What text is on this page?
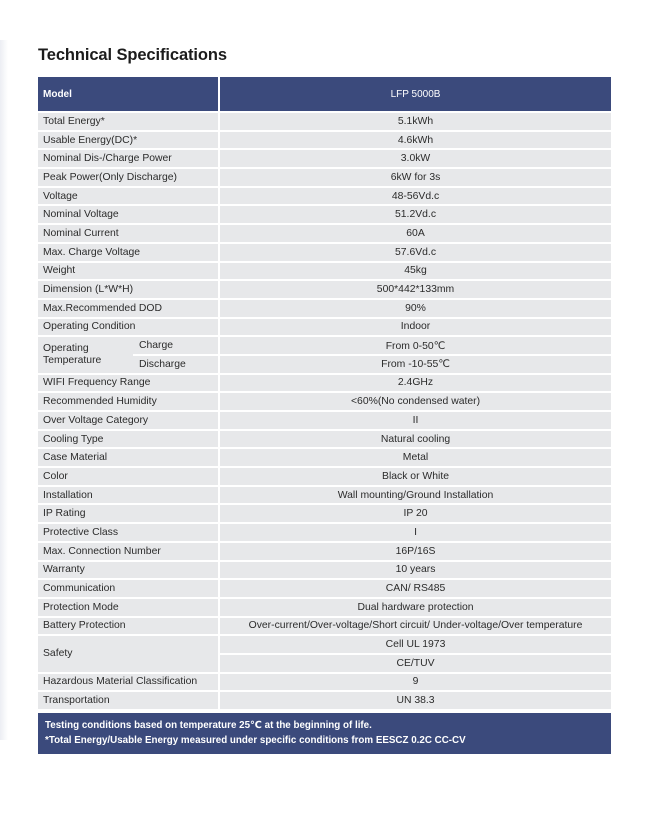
Technical Specifications
Model		LFP 5000B
Total Energy*		5.1kWh
Usable Energy(DC)*		4.6kWh
Nominal Dis-/Charge Power		3.0kW
Peak Power(Only Discharge)		6kW for 3s
Voltage		48-56Vd.c
Nominal Voltage		51.2Vd.c
Nominal Current		60A
Max. Charge Voltage		57.6Vd.c
Weight		45kg
Dimension (L*W*H)		500*442*133mm
Max.Recommended DOD		90%
Operating Condition		Indoor
Operating Temperature	Charge	From 0-50℃
	Discharge	From -10-55℃
WIFI Frequency Range		2.4GHz
Recommended Humidity		<60%(No condensed water)
Over Voltage Category		II
Cooling Type		Natural cooling
Case Material		Metal
Color		Black or White
Installation		Wall mounting/Ground Installation
IP Rating		IP 20
Protective Class		I
Max. Connection Number		16P/16S
Warranty		10 years
Communication		CAN/ RS485
Protection Mode		Dual hardware protection
Battery Protection		Over-current/Over-voltage/Short circuit/ Under-voltage/Over temperature
Safety		Cell UL 1973
		CE/TUV
Hazardous Material Classification		9
Transportation		UN 38.3
Testing conditions based on temperature 25℃ at the beginning of life.
*Total Energy/Usable Energy measured under specific conditions from EESCZ 0.2C CC-CV
